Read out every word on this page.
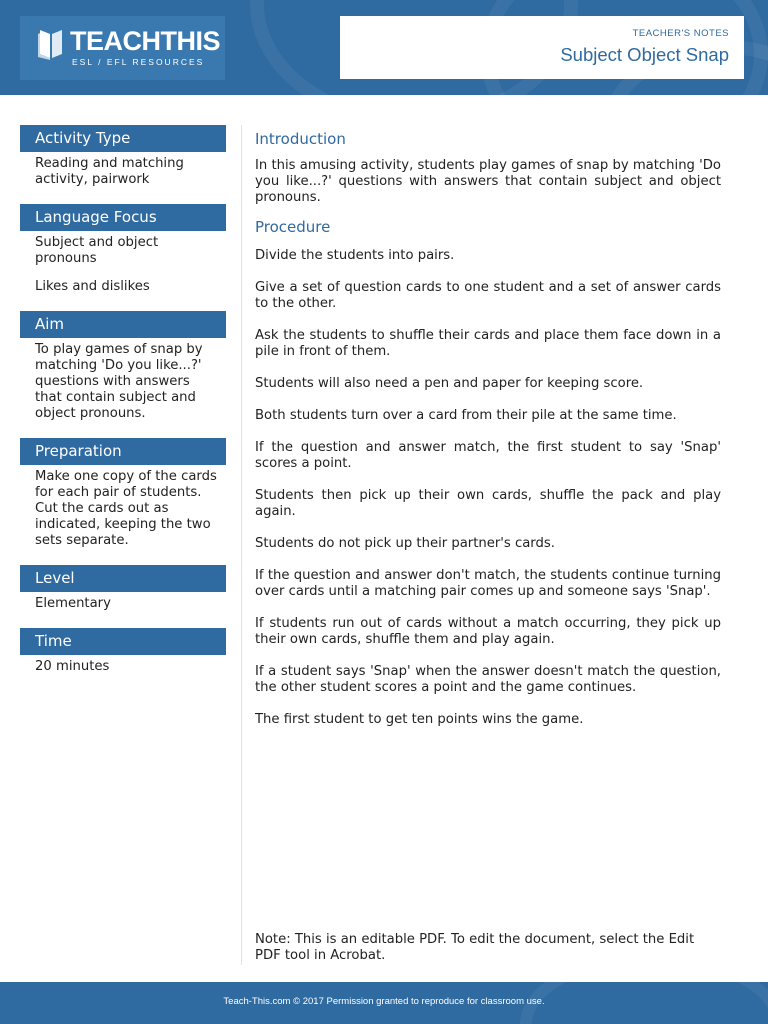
TEACHTHIS
ESL / EFL RESOURCES
TEACHER'S NOTES
Subject Object Snap
Activity Type

Reading and matching activity, pairwork

Language Focus

Subject and object pronouns

Likes and dislikes

Aim

To play games of snap by matching 'Do you like...?' questions with answers that contain subject and object pronouns.

Preparation

Make one copy of the cards for each pair of students. Cut the cards out as indicated, keeping the two sets separate.

Level

Elementary

Time

20 minutes

Introduction
In this amusing activity, students play games of snap by matching 'Do you like...?' questions with answers that contain subject and object pronouns.
Procedure
Divide the students into pairs.
Give a set of question cards to one student and a set of answer cards to the other.
Ask the students to shuffle their cards and place them face down in a pile in front of them.
Students will also need a pen and paper for keeping score.
Both students turn over a card from their pile at the same time.
If the question and answer match, the first student to say 'Snap' scores a point.
Students then pick up their own cards, shuffle the pack and play again.
Students do not pick up their partner's cards.
If the question and answer don't match, the students continue turning over cards until a matching pair comes up and someone says 'Snap'.
If students run out of cards without a match occurring, they pick up their own cards, shuffle them and play again.
If a student says 'Snap' when the answer doesn't match the question, the other student scores a point and the game continues.
The first student to get ten points wins the game.
Note: This is an editable PDF. To edit the document, select the Edit PDF tool in Acrobat.
Teach-This.com © 2017 Permission granted to reproduce for classroom use.
